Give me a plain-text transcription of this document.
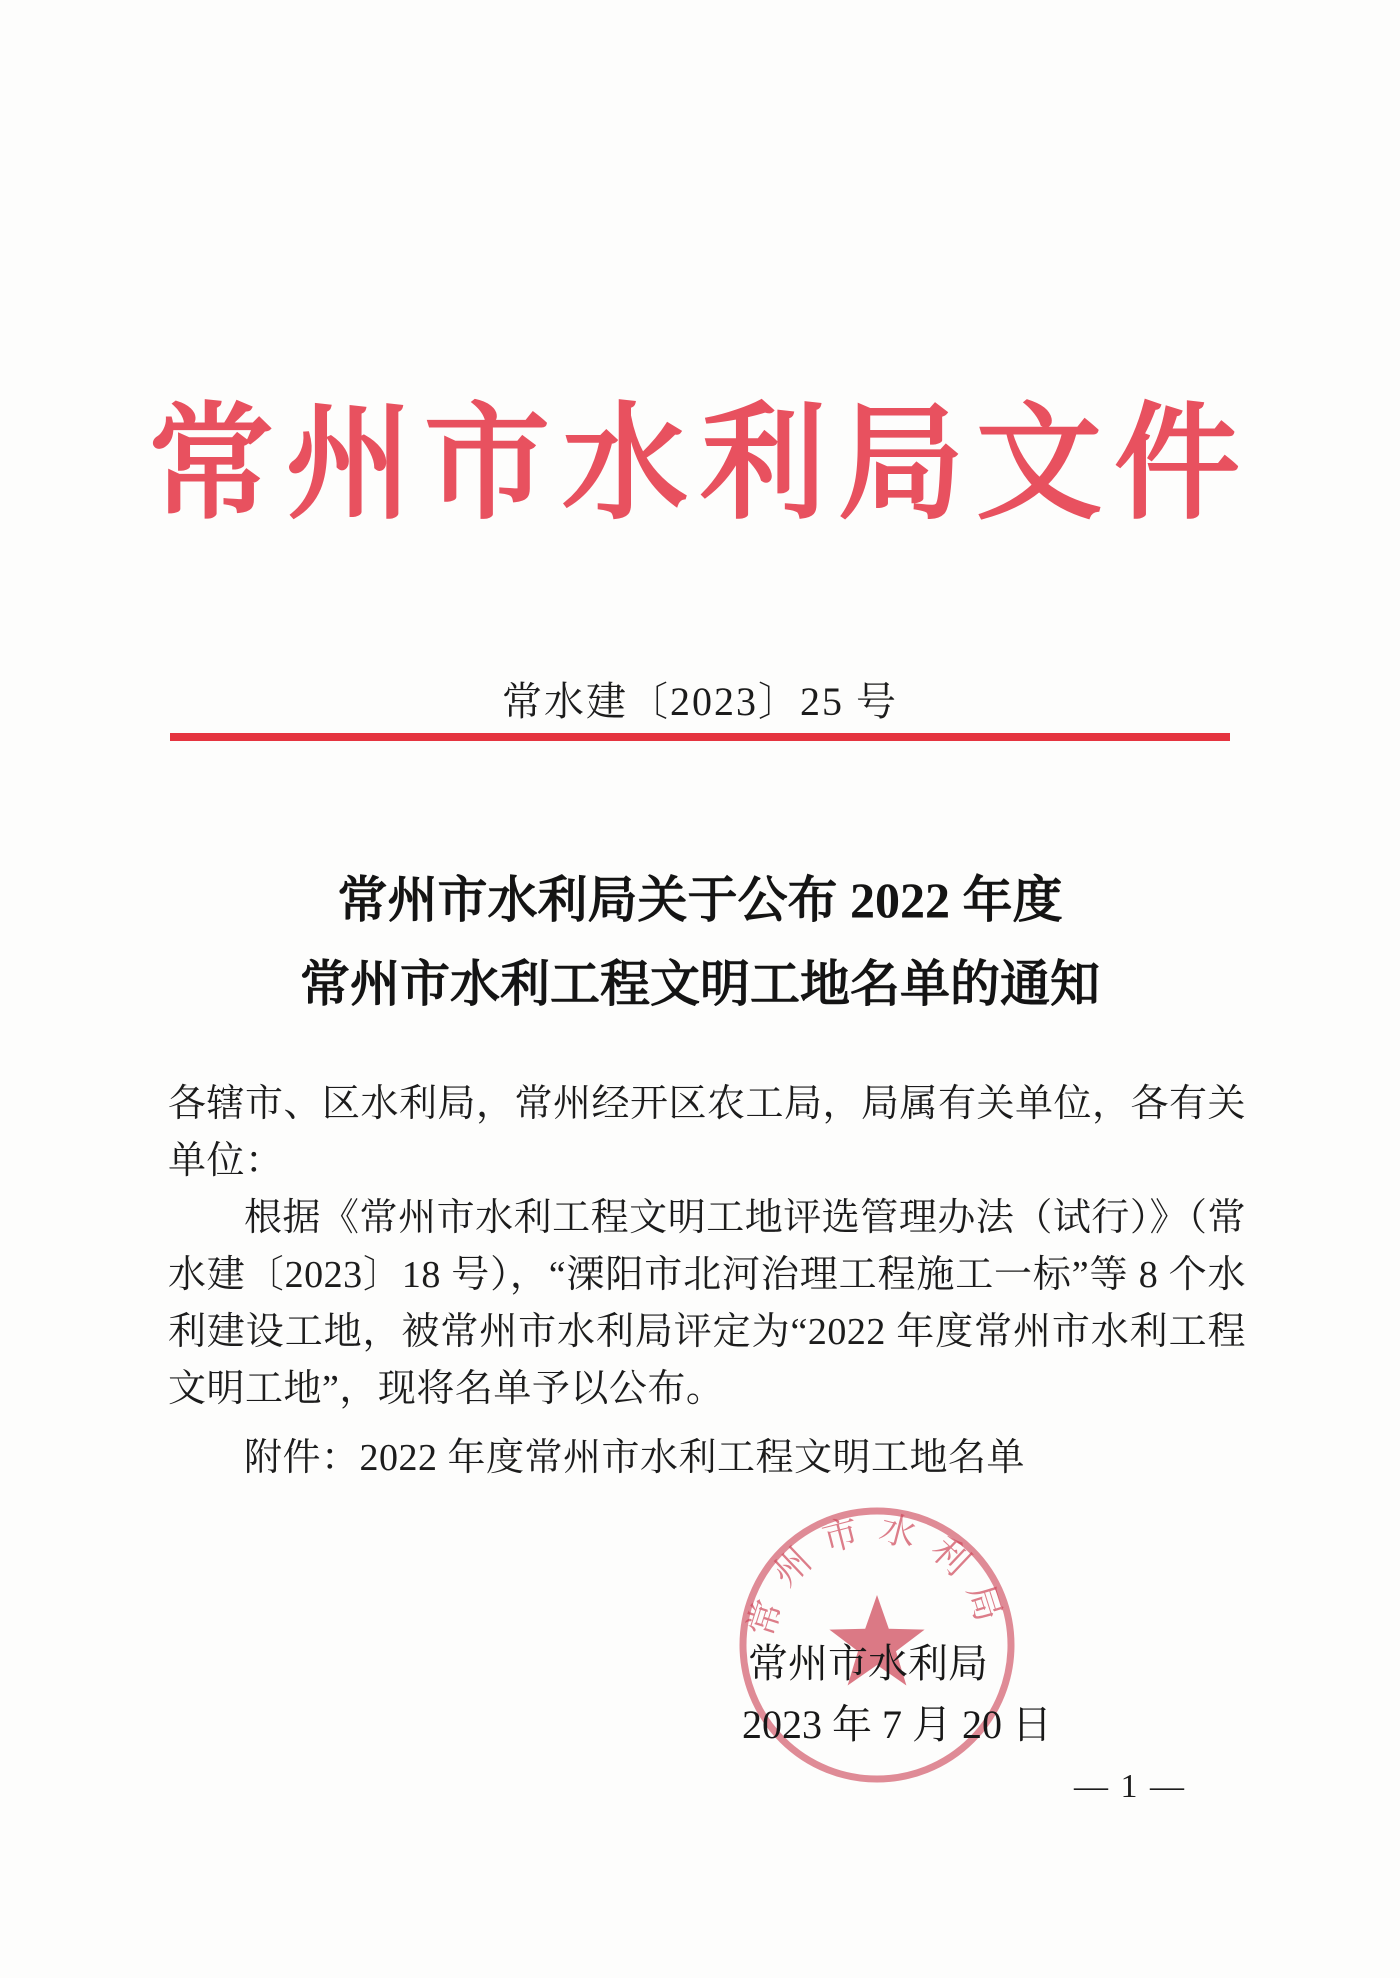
常州市水利局文件
常水建〔2023〕25 号
常州市水利局关于公布 2022 年度
常州市水利工程文明工地名单的通知

各辖市、区水利局，常州经开区农工局，局属有关单位，各有关单位：

根据《常州市水利工程文明工地评选管理办法（试行）》（常水建〔2023〕18 号），“溧阳市北河治理工程施工一标”等 8 个水利建设工地，被常州市水利局评定为“2022 年度常州市水利工程文明工地”，现将名单予以公布。

附件：2022 年度常州市水利工程文明工地名单

常州市水利局
常州市水利局
2023 年 7 月 20 日
— 1 —
